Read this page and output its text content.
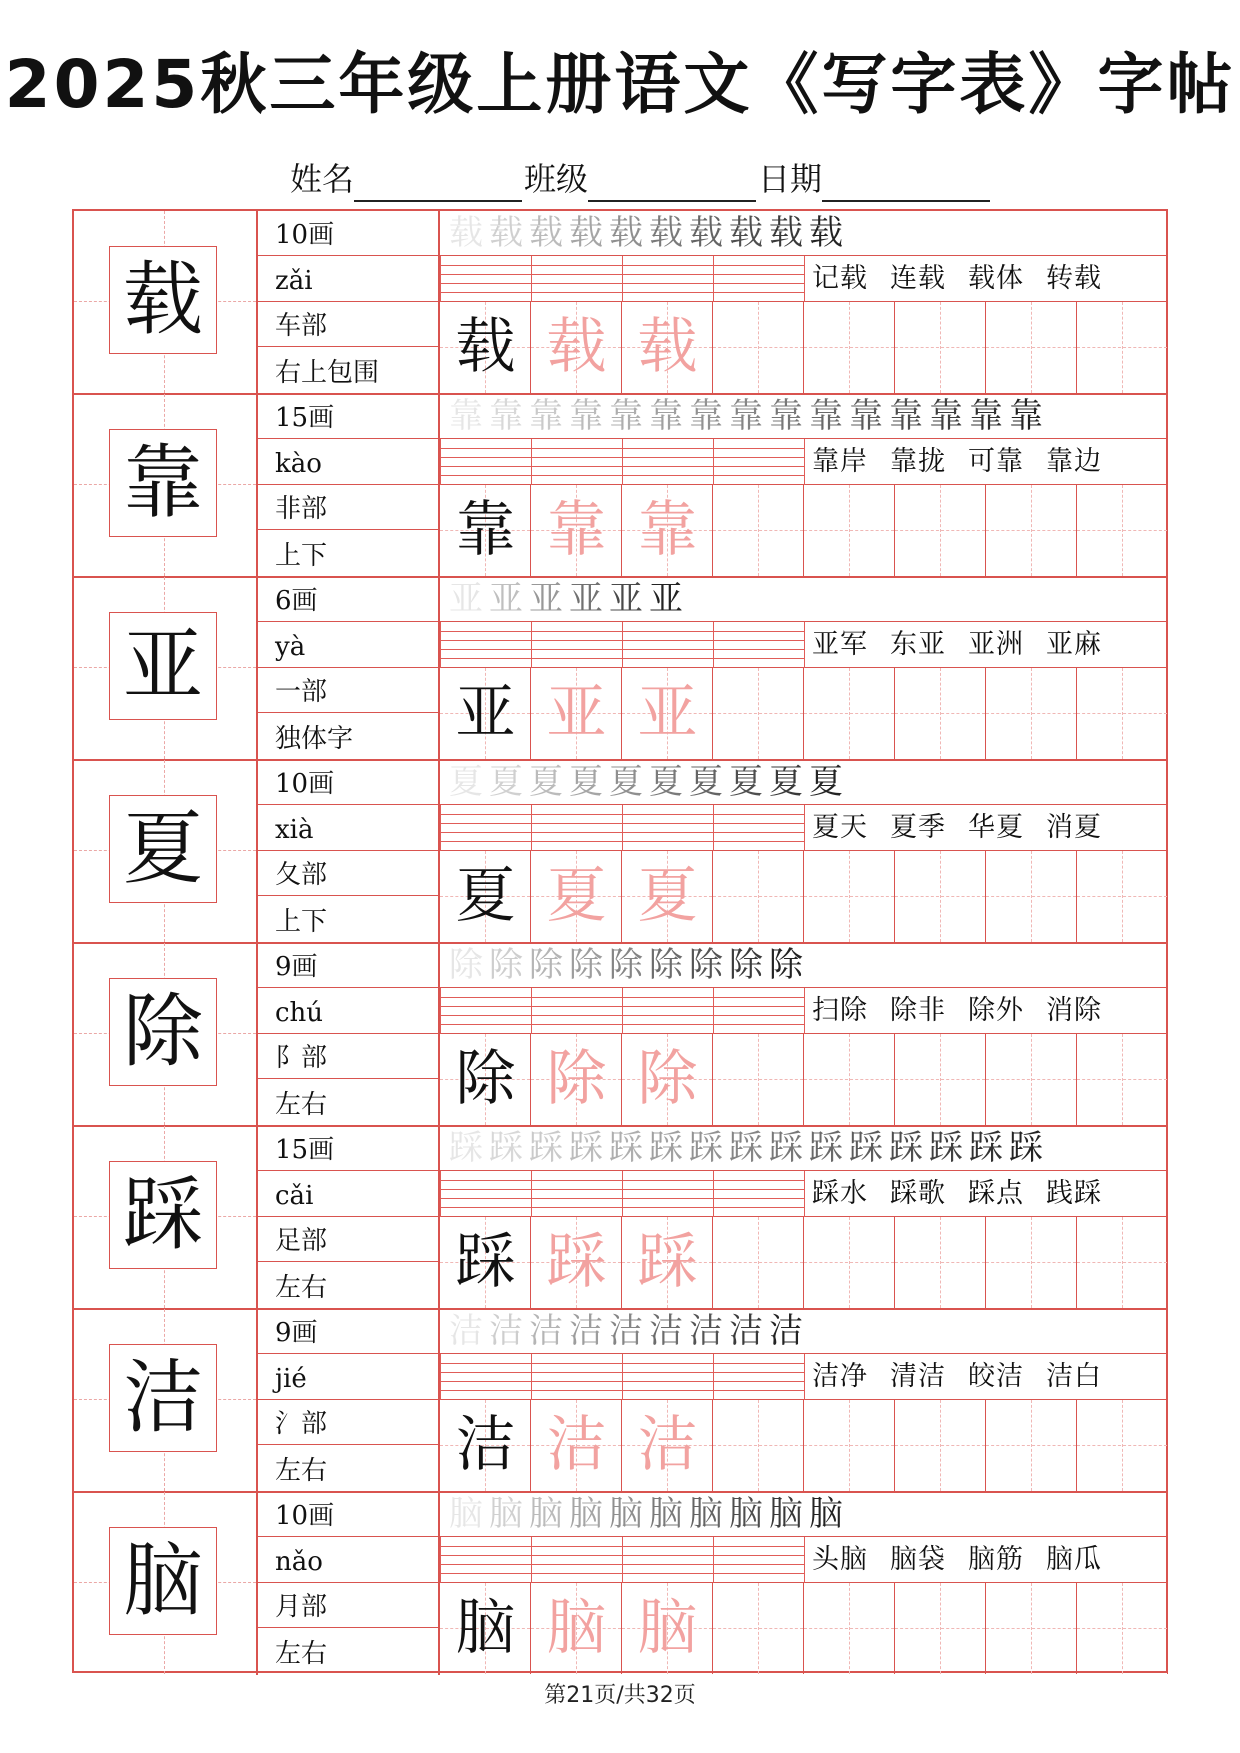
2025秋三年级上册语文《写字表》字帖
姓名	班级	日期
载
10画
zǎi
车部
右上包围
载 载 载 载 载 载 载 载 载 载
记载 连载 载体 转载
载 载 载
靠
15画
kào
非部
上下
靠 靠 靠 靠 靠 靠 靠 靠 靠 靠 靠 靠 靠 靠 靠
靠岸 靠拢 可靠 靠边
靠 靠 靠
亚
6画
yà
一部
独体字
亚 亚 亚 亚 亚 亚
亚军 东亚 亚洲 亚麻
亚 亚 亚
夏
10画
xià
夂部
上下
夏 夏 夏 夏 夏 夏 夏 夏 夏 夏
夏天 夏季 华夏 消夏
夏 夏 夏
除
9画
chú
阝部
左右
除 除 除 除 除 除 除 除 除
扫除 除非 除外 消除
除 除 除
踩
15画
cǎi
足部
左右
踩 踩 踩 踩 踩 踩 踩 踩 踩 踩 踩 踩 踩 踩 踩
踩水 踩歌 踩点 践踩
踩 踩 踩
洁
9画
jié
氵部
左右
洁 洁 洁 洁 洁 洁 洁 洁 洁
洁净 清洁 皎洁 洁白
洁 洁 洁
脑
10画
nǎo
月部
左右
脑 脑 脑 脑 脑 脑 脑 脑 脑 脑
头脑 脑袋 脑筋 脑瓜
脑 脑 脑
第21页/共32页
